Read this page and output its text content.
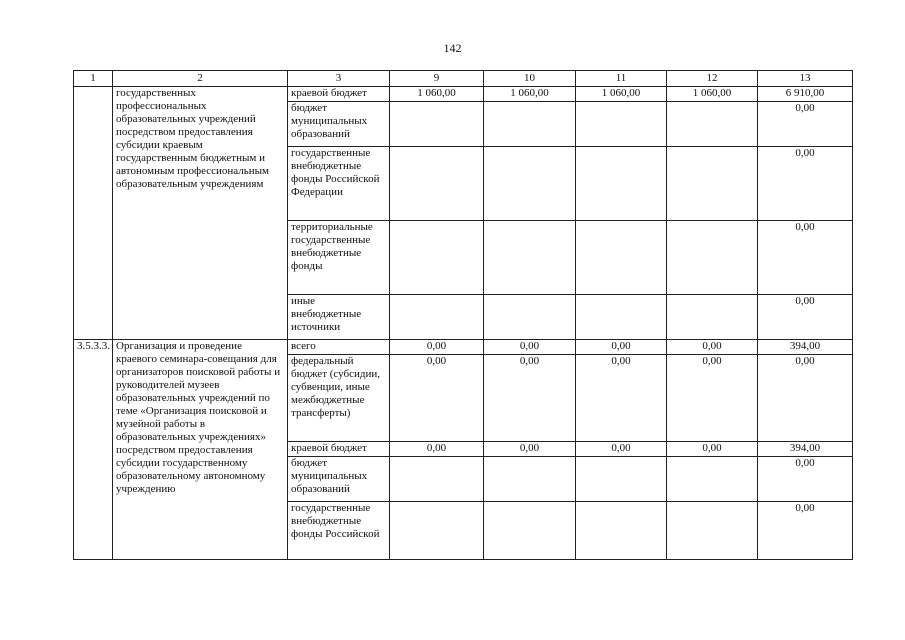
142
1	2	3	9	10	11	12	13
	государственных профессиональных образовательных учреждений посредством предоставления субсидии краевым государственным бюджетным и автономным профессиональным образовательным учреждениям	краевой бюджет	1 060,00	1 060,00	1 060,00	1 060,00	6 910,00
		бюджет муниципальных образований					0,00
		государственные внебюджетные фонды Российской Федерации					0,00
		территориальные государственные внебюджетные фонды					0,00
		иные внебюджетные источники					0,00
3.5.3.3.	Организация и проведение краевого семинара-совещания для организаторов поисковой работы и руководителей музеев образовательных учреждений по теме «Организация поисковой и музейной работы в образовательных учреждениях» посредством предоставления субсидии государственному образовательному автономному учреждению	всего	0,00	0,00	0,00	0,00	394,00
		федеральный бюджет (субсидии, субвенции, иные межбюджетные трансферты)	0,00	0,00	0,00	0,00	0,00
		краевой бюджет	0,00	0,00	0,00	0,00	394,00
		бюджет муниципальных образований					0,00
		государственные внебюджетные фонды Российской					0,00
